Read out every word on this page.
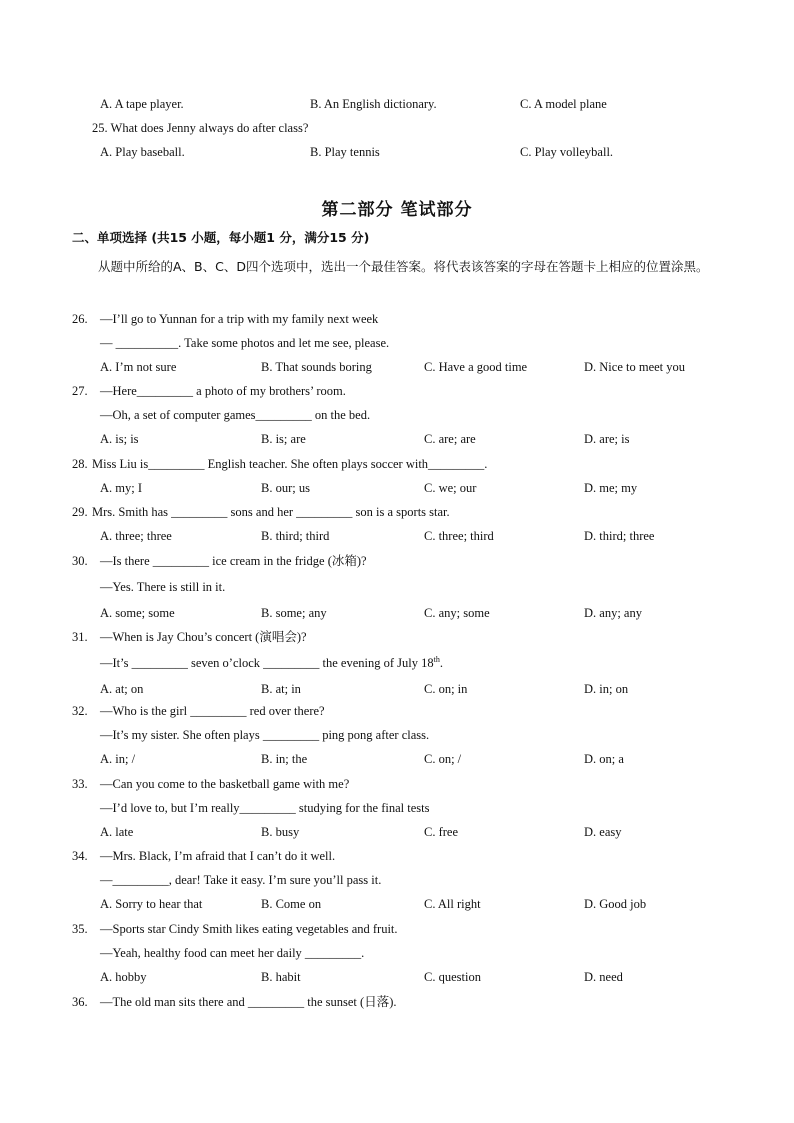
A. A tape player.	B. An English dictionary.	C. A model plane
25. What does Jenny always do after class?
A. Play baseball.	B. Play tennis	C. Play volleyball.
第二部分 笔试部分
二、单项选择 (共15 小题，每小题1 分，满分15 分)
从题中所给的A、B、C、D四个选项中，选出一个最佳答案。将代表该答案的字母在答题卡上相应的位置涂黑。
26. —I’ll go to Yunnan for a trip with my family next week
— __________. Take some photos and let me see, please.
A. I’m not sure	B. That sounds boring	C. Have a good time	D. Nice to meet you
27. —Here_________ a photo of my brothers’ room.
—Oh, a set of computer games_________ on the bed.
A. is; is	B. is; are	C. are; are	D. are; is
28. Miss Liu is_________ English teacher. She often plays soccer with_________.
A. my; I	B. our; us	C. we; our	D. me; my
29. Mrs. Smith has _________ sons and her _________ son is a sports star.
A. three; three	B. third; third	C. three; third	D. third; three
30. —Is there _________ ice cream in the fridge (冰箱)?
—Yes. There is still in it.
A. some; some	B. some; any	C. any; some	D. any; any
31. —When is Jay Chou’s concert (演唱会)?
—It’s _________ seven o’clock _________ the evening of July 18th.
A. at; on	B. at; in	C. on; in	D. in; on
32. —Who is the girl _________ red over there?
—It’s my sister. She often plays _________ ping pong after class.
A. in; /	B. in; the	C. on; /	D. on; a
33. —Can you come to the basketball game with me?
—I’d love to, but I’m really_________ studying for the final tests
A. late	B. busy	C. free	D. easy
34. —Mrs. Black, I’m afraid that I can’t do it well.
—_________, dear! Take it easy. I’m sure you’ll pass it.
A. Sorry to hear that	B. Come on	C. All right	D. Good job
35. —Sports star Cindy Smith likes eating vegetables and fruit.
—Yeah, healthy food can meet her daily _________.
A. hobby	B. habit	C. question	D. need
36. —The old man sits there and _________ the sunset (日落).
